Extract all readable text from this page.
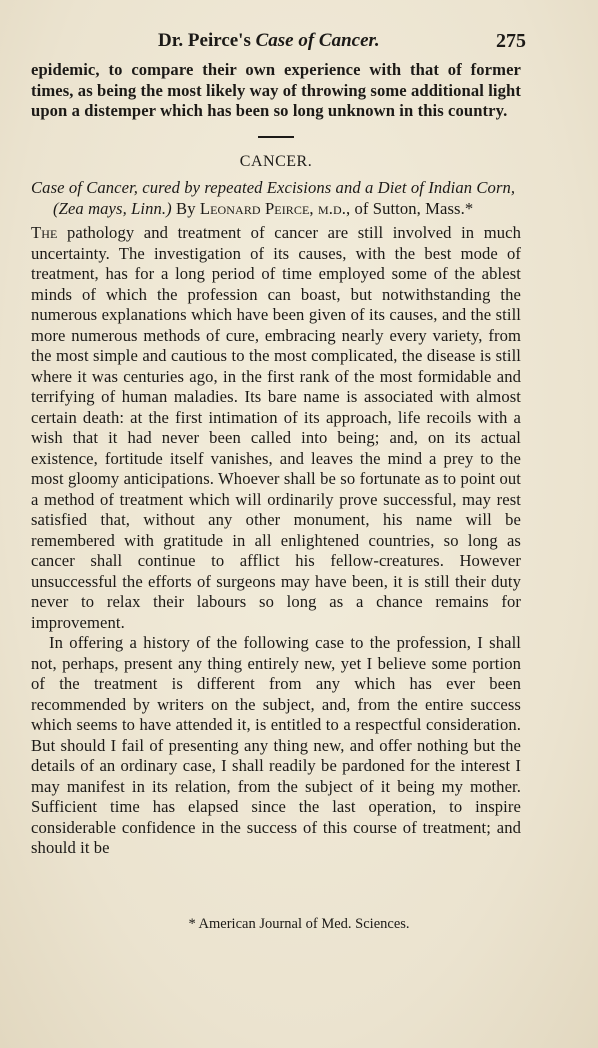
Dr. Peirce's Case of Cancer.	275

epidemic, to compare their own experience with that of former times, as being the most likely way of throwing some additional light upon a distemper which has been so long unknown in this country.

CANCER.

Case of Cancer, cured by repeated Excisions and a Diet of Indian Corn, (Zea mays, Linn.) By Leonard Peirce, m.d., of Sutton, Mass.*

The pathology and treatment of cancer are still involved in much uncertainty. The investigation of its causes, with the best mode of treatment, has for a long period of time employed some of the ablest minds of which the profession can boast, but notwithstanding the numerous explanations which have been given of its causes, and the still more numerous methods of cure, embracing nearly every variety, from the most simple and cautious to the most complicated, the disease is still where it was centuries ago, in the first rank of the most formidable and terrifying of human maladies. Its bare name is associated with almost certain death: at the first intimation of its approach, life recoils with a wish that it had never been called into being; and, on its actual existence, fortitude itself vanishes, and leaves the mind a prey to the most gloomy anticipations. Whoever shall be so fortunate as to point out a method of treatment which will ordinarily prove successful, may rest satisfied that, without any other monument, his name will be remembered with gratitude in all enlightened countries, so long as cancer shall continue to afflict his fellow-creatures. However unsuccessful the efforts of surgeons may have been, it is still their duty never to relax their labours so long as a chance remains for improvement.

In offering a history of the following case to the profession, I shall not, perhaps, present any thing entirely new, yet I believe some portion of the treatment is different from any which has ever been recommended by writers on the subject, and, from the entire success which seems to have attended it, is entitled to a respectful consideration. But should I fail of presenting any thing new, and offer nothing but the details of an ordinary case, I shall readily be pardoned for the interest I may manifest in its relation, from the subject of it being my mother. Sufficient time has elapsed since the last operation, to inspire considerable confidence in the success of this course of treatment; and should it be

* American Journal of Med. Sciences.
